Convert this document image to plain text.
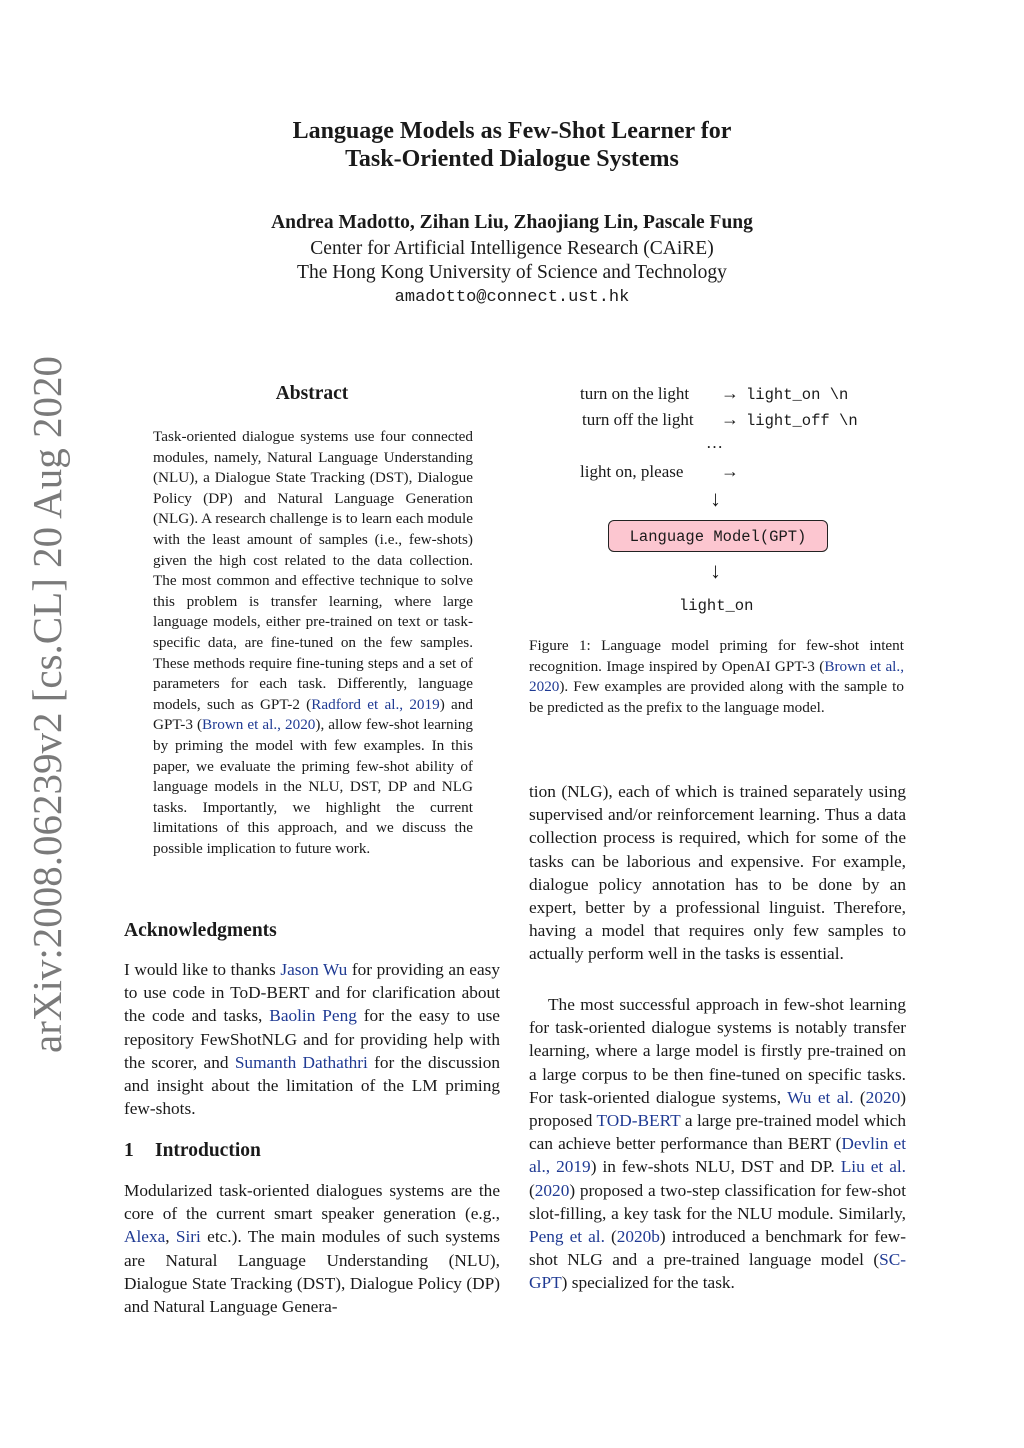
arXiv:2008.06239v2 [cs.CL] 20 Aug 2020
Language Models as Few-Shot Learner for
Task-Oriented Dialogue Systems
Andrea Madotto, Zihan Liu, Zhaojiang Lin, Pascale Fung
Center for Artificial Intelligence Research (CAiRE)
The Hong Kong University of Science and Technology
amadotto@connect.ust.hk
Abstract
Task-oriented dialogue systems use four connected modules, namely, Natural Language Understanding (NLU), a Dialogue State Tracking (DST), Dialogue Policy (DP) and Natural Language Generation (NLG). A research challenge is to learn each module with the least amount of samples (i.e., few-shots) given the high cost related to the data collection. The most common and effective technique to solve this problem is transfer learning, where large language models, either pre-trained on text or task-specific data, are fine-tuned on the few samples. These methods require fine-tuning steps and a set of parameters for each task. Differently, language models, such as GPT-2 (Radford et al., 2019) and GPT-3 (Brown et al., 2020), allow few-shot learning by priming the model with few examples. In this paper, we evaluate the priming few-shot ability of language models in the NLU, DST, DP and NLG tasks. Importantly, we highlight the current limitations of this approach, and we discuss the possible implication to future work.
Acknowledgments

I would like to thanks Jason Wu for providing an easy to use code in ToD-BERT and for clarification about the code and tasks, Baolin Peng for the easy to use repository FewShotNLG and for providing help with the scorer, and Sumanth Dathathri for the discussion and insight about the limitation of the LM priming few-shots.

1 Introduction

Modularized task-oriented dialogues systems are the core of the current smart speaker generation (e.g., Alexa, Siri etc.). The main modules of such systems are Natural Language Understanding (NLU), Dialogue State Tracking (DST), Dialogue Policy (DP) and Natural Language Genera-

turn on the light → light_on \n
turn off the light → light_off \n
…
light on, please →
↓
Language Model(GPT)
↓
light_on
Figure 1: Language model priming for few-shot intent recognition. Image inspired by OpenAI GPT-3 (Brown et al., 2020). Few examples are provided along with the sample to be predicted as the prefix to the language model.

tion (NLG), each of which is trained separately using supervised and/or reinforcement learning. Thus a data collection process is required, which for some of the tasks can be laborious and expensive. For example, dialogue policy annotation has to be done by an expert, better by a professional linguist. Therefore, having a model that requires only few samples to actually perform well in the tasks is essential.

The most successful approach in few-shot learning for task-oriented dialogue systems is notably transfer learning, where a large model is firstly pre-trained on a large corpus to be then fine-tuned on specific tasks. For task-oriented dialogue systems, Wu et al. (2020) proposed TOD-BERT a large pre-trained model which can achieve better performance than BERT (Devlin et al., 2019) in few-shots NLU, DST and DP. Liu et al. (2020) proposed a two-step classification for few-shot slot-filling, a key task for the NLU module. Similarly, Peng et al. (2020b) introduced a benchmark for few-shot NLG and a pre-trained language model (SC-GPT) specialized for the task.
